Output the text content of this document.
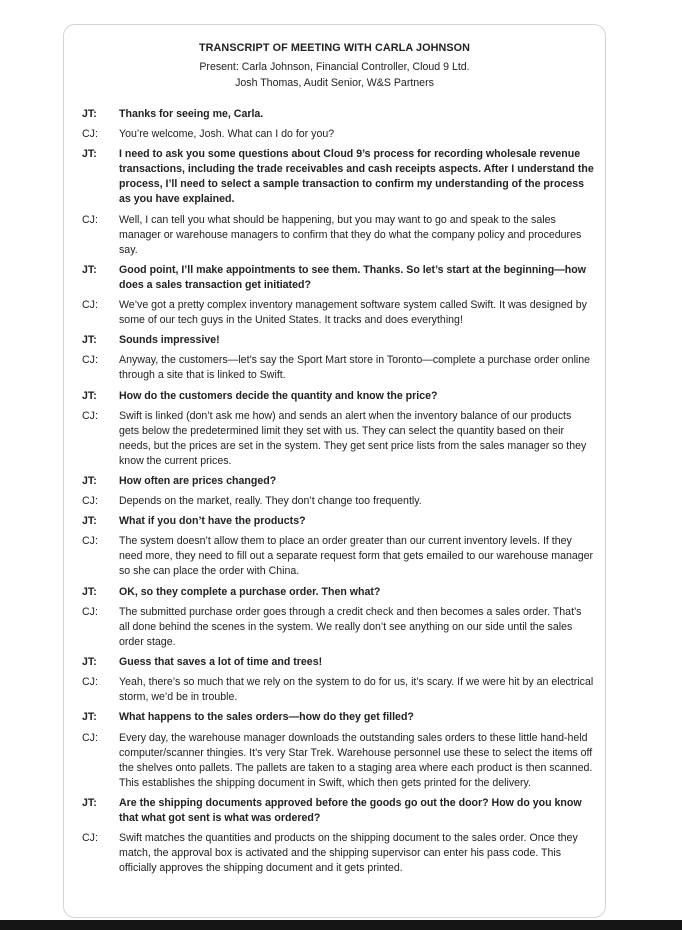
TRANSCRIPT OF MEETING WITH CARLA JOHNSON
Present: Carla Johnson, Financial Controller, Cloud 9 Ltd.
Josh Thomas, Audit Senior, W&S Partners
JT:	Thanks for seeing me, Carla.
CJ:	You’re welcome, Josh. What can I do for you?
JT:	I need to ask you some questions about Cloud 9’s process for recording wholesale revenue transactions, including the trade receivables and cash receipts aspects. After I understand the process, I’ll need to select a sample transaction to confirm my understanding of the process as you have explained.
CJ:	Well, I can tell you what should be happening, but you may want to go and speak to the sales manager or warehouse managers to confirm that they do what the company policy and procedures say.
JT:	Good point, I’ll make appointments to see them. Thanks. So let’s start at the beginning—how does a sales transaction get initiated?
CJ:	We’ve got a pretty complex inventory management software system called Swift. It was designed by some of our tech guys in the United States. It tracks and does everything!
JT:	Sounds impressive!
CJ:	Anyway, the customers—let’s say the Sport Mart store in Toronto—complete a purchase order online through a site that is linked to Swift.
JT:	How do the customers decide the quantity and know the price?
CJ:	Swift is linked (don’t ask me how) and sends an alert when the inventory balance of our products gets below the predetermined limit they set with us. They can select the quantity based on their needs, but the prices are set in the system. They get sent price lists from the sales manager so they know the current prices.
JT:	How often are prices changed?
CJ:	Depends on the market, really. They don’t change too frequently.
JT:	What if you don’t have the products?
CJ:	The system doesn’t allow them to place an order greater than our current inventory levels. If they need more, they need to fill out a separate request form that gets emailed to our warehouse manager so she can place the order with China.
JT:	OK, so they complete a purchase order. Then what?
CJ:	The submitted purchase order goes through a credit check and then becomes a sales order. That’s all done behind the scenes in the system. We really don’t see anything on our side until the sales order stage.
JT:	Guess that saves a lot of time and trees!
CJ:	Yeah, there’s so much that we rely on the system to do for us, it’s scary. If we were hit by an electrical storm, we’d be in trouble.
JT:	What happens to the sales orders—how do they get filled?
CJ:	Every day, the warehouse manager downloads the outstanding sales orders to these little hand-held computer/scanner thingies. It’s very Star Trek. Warehouse personnel use these to select the items off the shelves onto pallets. The pallets are taken to a staging area where each product is then scanned. This establishes the shipping document in Swift, which then gets printed for the delivery.
JT:	Are the shipping documents approved before the goods go out the door? How do you know that what got sent is what was ordered?
CJ:	Swift matches the quantities and products on the shipping document to the sales order. Once they match, the approval box is activated and the shipping supervisor can enter his pass code. This officially approves the shipping document and it gets printed.
